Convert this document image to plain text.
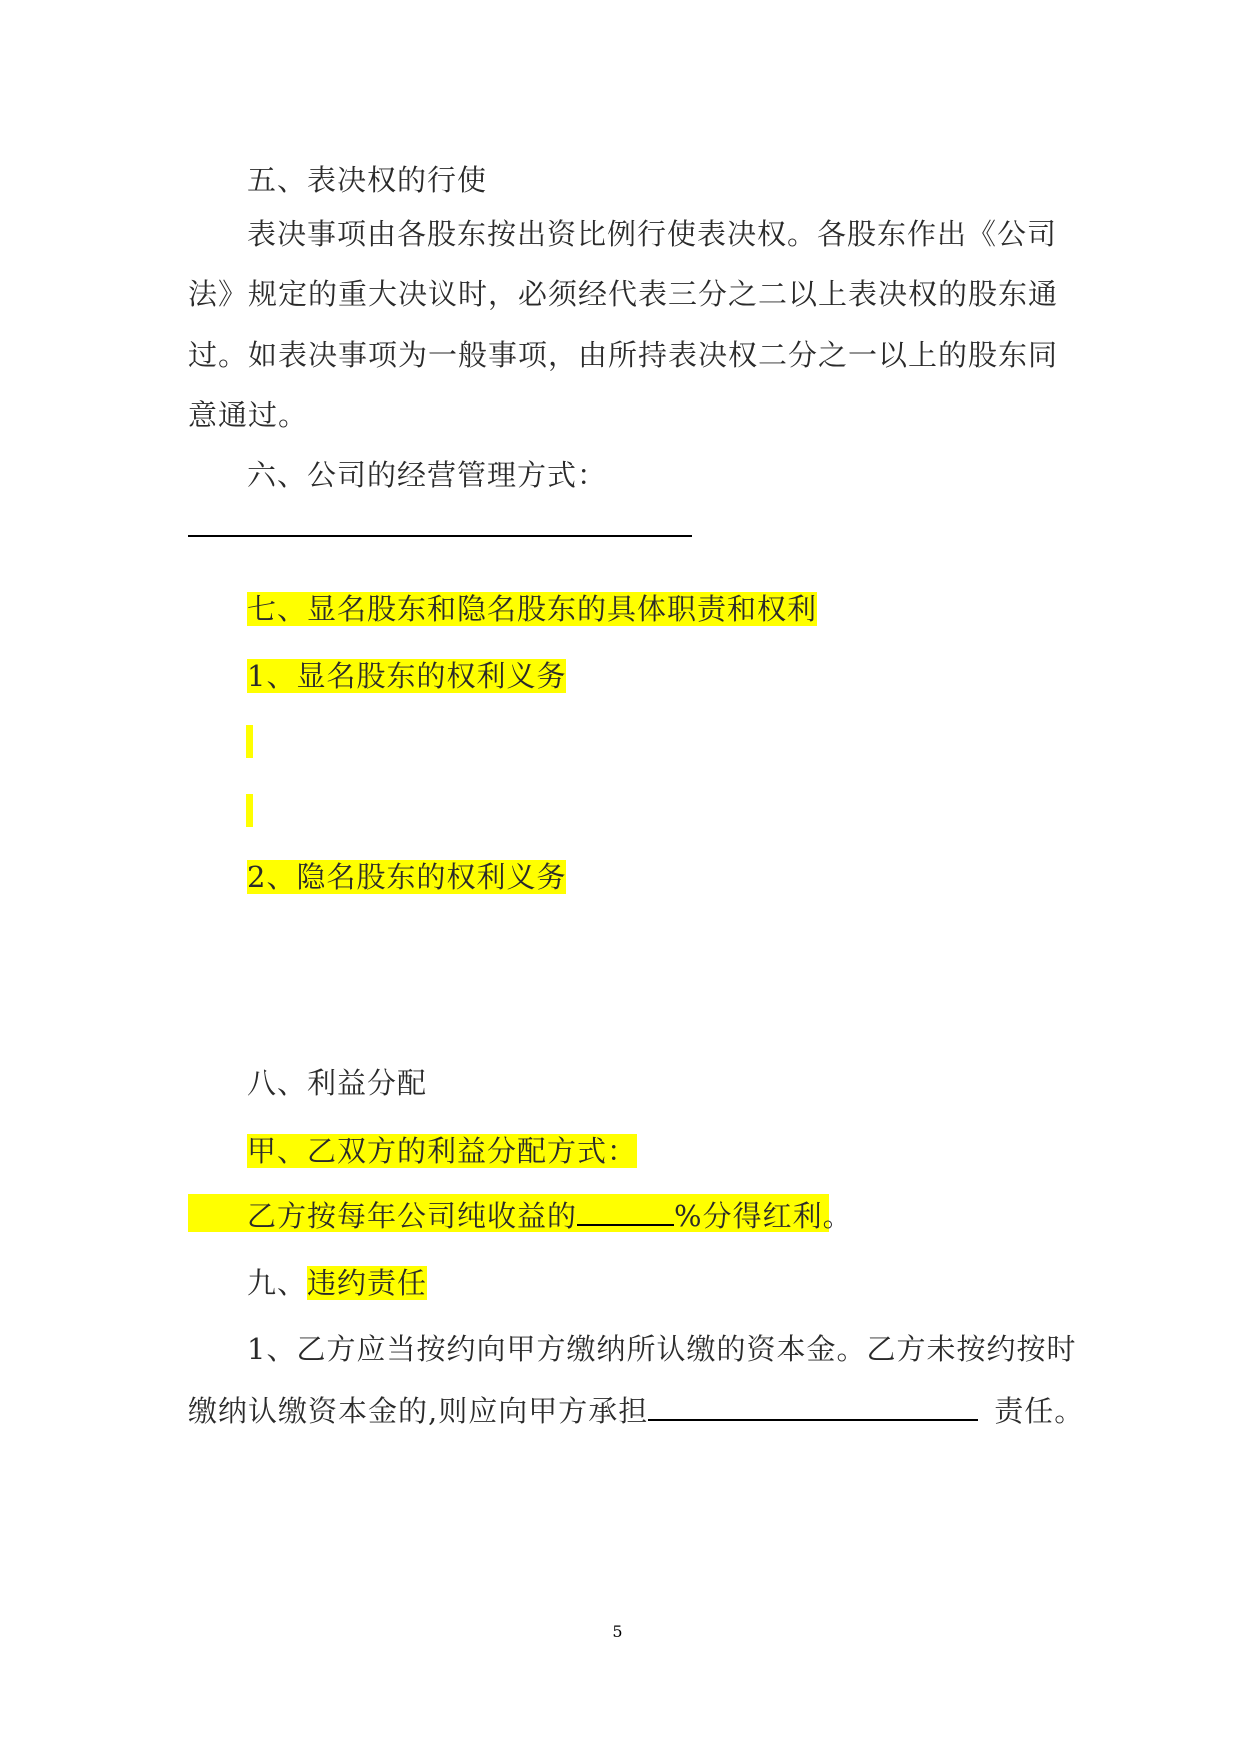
五、表决权的行使
表决事项由各股东按出资比例行使表决权。各股东作出《公司
法》规定的重大决议时，必须经代表三分之二以上表决权的股东通
过。如表决事项为一般事项，由所持表决权二分之一以上的股东同
意通过。
六、公司的经营管理方式：
七、显名股东和隐名股东的具体职责和权利
1、显名股东的权利义务
2、隐名股东的权利义务
八、利益分配
甲、乙双方的利益分配方式：
乙方按每年公司纯收益的	%分得红利。
九、违约责任
1、乙方应当按约向甲方缴纳所认缴的资本金。乙方未按约按时
缴纳认缴资本金的,则应向甲方承担	责任。
5
